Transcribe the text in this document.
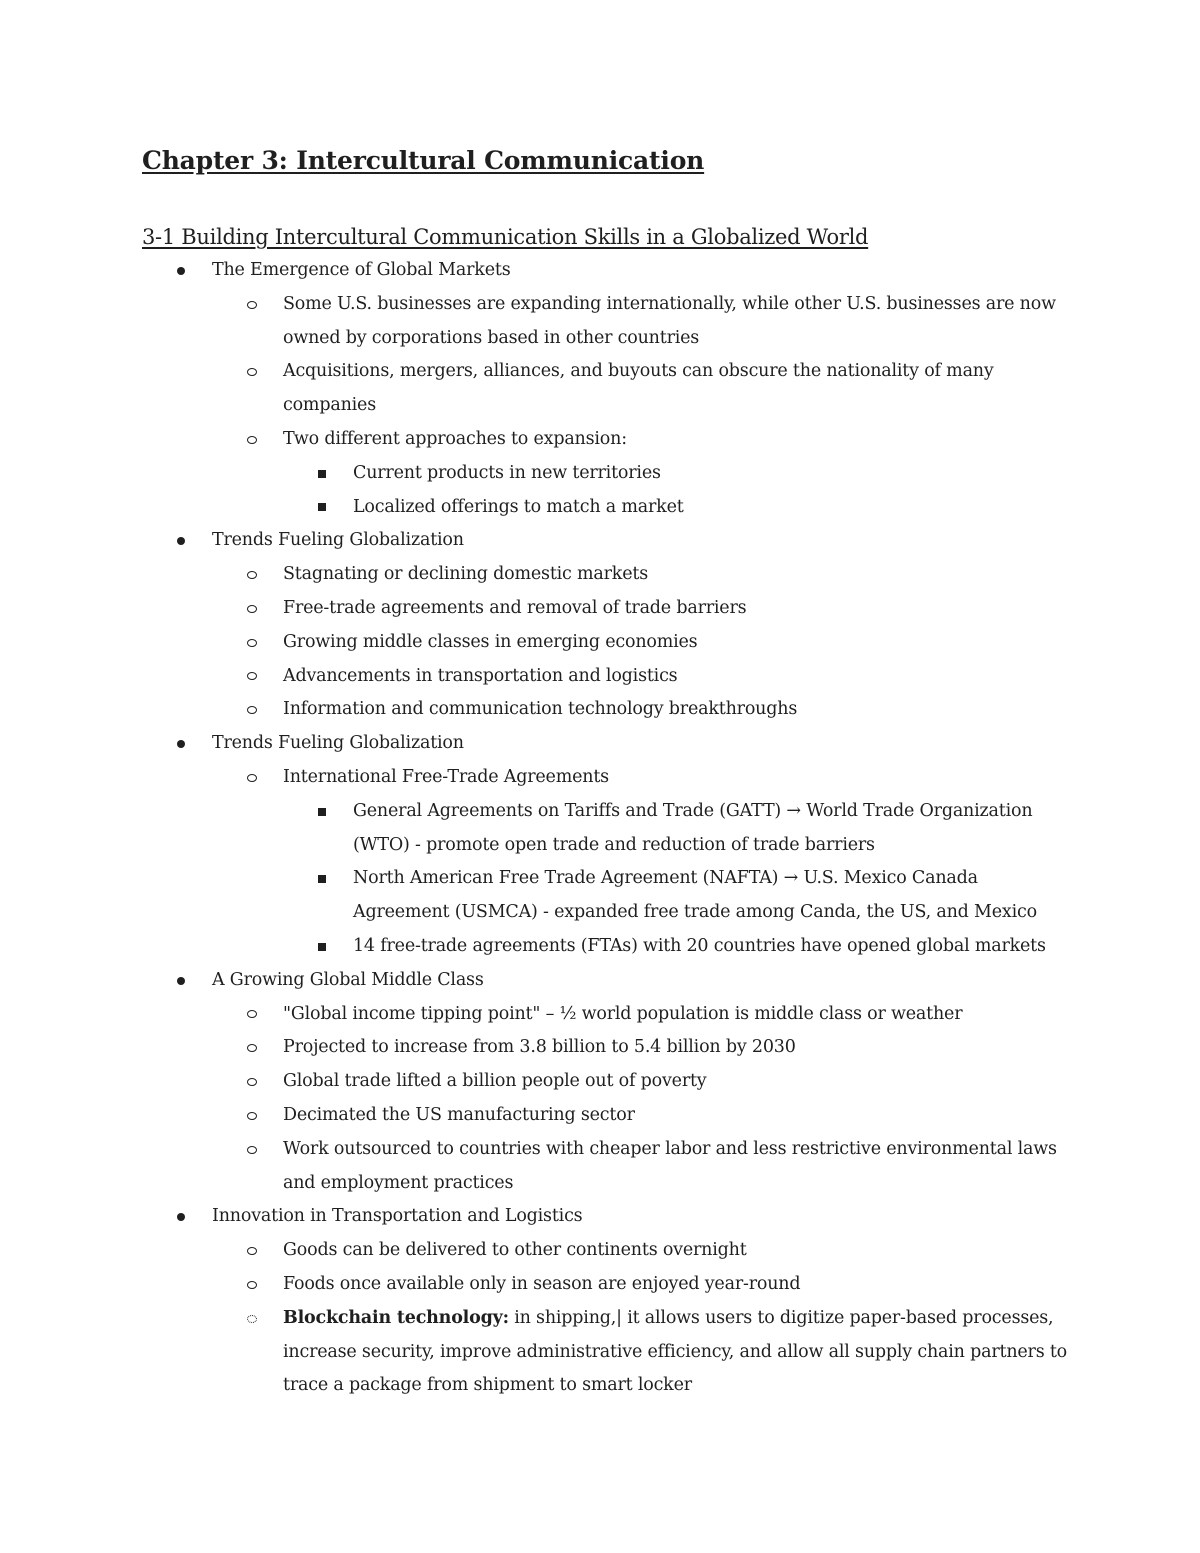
Chapter 3: Intercultural Communication
3-1 Building Intercultural Communication Skills in a Globalized World
The Emergence of Global Markets
Some U.S. businesses are expanding internationally, while other U.S. businesses are now owned by corporations based in other countries
Acquisitions, mergers, alliances, and buyouts can obscure the nationality of many companies
Two different approaches to expansion:
Current products in new territories
Localized offerings to match a market
Trends Fueling Globalization
Stagnating or declining domestic markets
Free-trade agreements and removal of trade barriers
Growing middle classes in emerging economies
Advancements in transportation and logistics
Information and communication technology breakthroughs
Trends Fueling Globalization
International Free-Trade Agreements
General Agreements on Tariffs and Trade (GATT) → World Trade Organization (WTO) - promote open trade and reduction of trade barriers
North American Free Trade Agreement (NAFTA) → U.S. Mexico Canada Agreement (USMCA) - expanded free trade among Canda, the US, and Mexico
14 free-trade agreements (FTAs) with 20 countries have opened global markets
A Growing Global Middle Class
"Global income tipping point" – ½ world population is middle class or weather
Projected to increase from 3.8 billion to 5.4 billion by 2030
Global trade lifted a billion people out of poverty
Decimated the US manufacturing sector
Work outsourced to countries with cheaper labor and less restrictive environmental laws and employment practices
Innovation in Transportation and Logistics
Goods can be delivered to other continents overnight
Foods once available only in season are enjoyed year-round
Blockchain technology: in shipping,| it allows users to digitize paper-based processes, increase security, improve administrative efficiency, and allow all supply chain partners to trace a package from shipment to smart locker
